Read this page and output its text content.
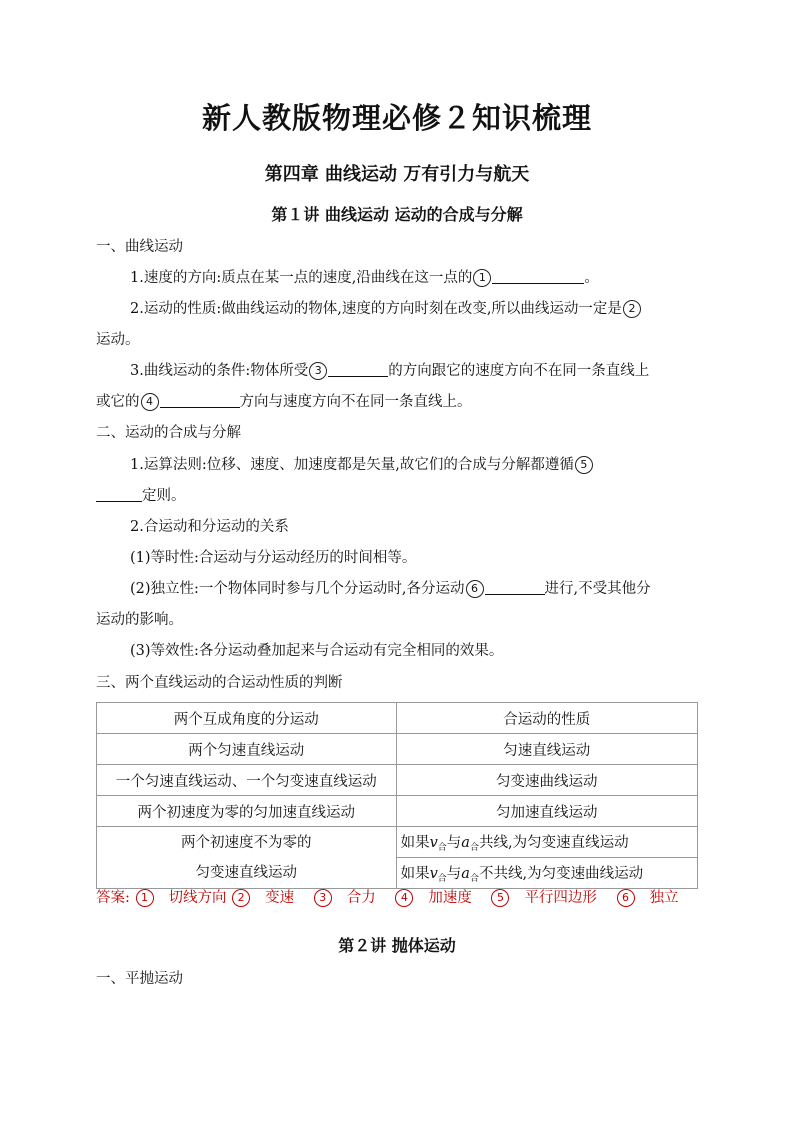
新人教版物理必修２知识梳理
第四章 曲线运动 万有引力与航天
第１讲 曲线运动 运动的合成与分解
一、曲线运动
1.速度的方向:质点在某一点的速度,沿曲线在这一点的 1	。
2.运动的性质:做曲线运动的物体,速度的方向时刻在改变,所以曲线运动一定是 2
运动。
3.曲线运动的条件:物体所受 3	的方向跟它的速度方向不在同一条直线上
或它的 4	方向与速度方向不在同一条直线上。
二、运动的合成与分解
1.运算法则:位移、速度、加速度都是矢量,故它们的合成与分解都遵循 5
定则。
2.合运动和分运动的关系
(1)等时性:合运动与分运动经历的时间相等。
(2)独立性:一个物体同时参与几个分运动时,各分运动 6	进行,不受其他分
运动的影响。
(3)等效性:各分运动叠加起来与合运动有完全相同的效果。
三、两个直线运动的合运动性质的判断
两个互成角度的分运动	合运动的性质
两个匀速直线运动	匀速直线运动
一个匀速直线运动、一个匀变速直线运动	匀变速曲线运动
两个初速度为零的匀加速直线运动	匀加速直线运动

两个初速度不为零的
匀变速直线运动	如果$v_合$与$a_合$共线,为匀变速直线运动
	如果$v_合$与$a_合$不共线,为匀变速曲线运动
答案: 1 切线方向 2 变速 3 合力 4 加速度 5 平行四边形 6 独立
第２讲 抛体运动
一、平抛运动
